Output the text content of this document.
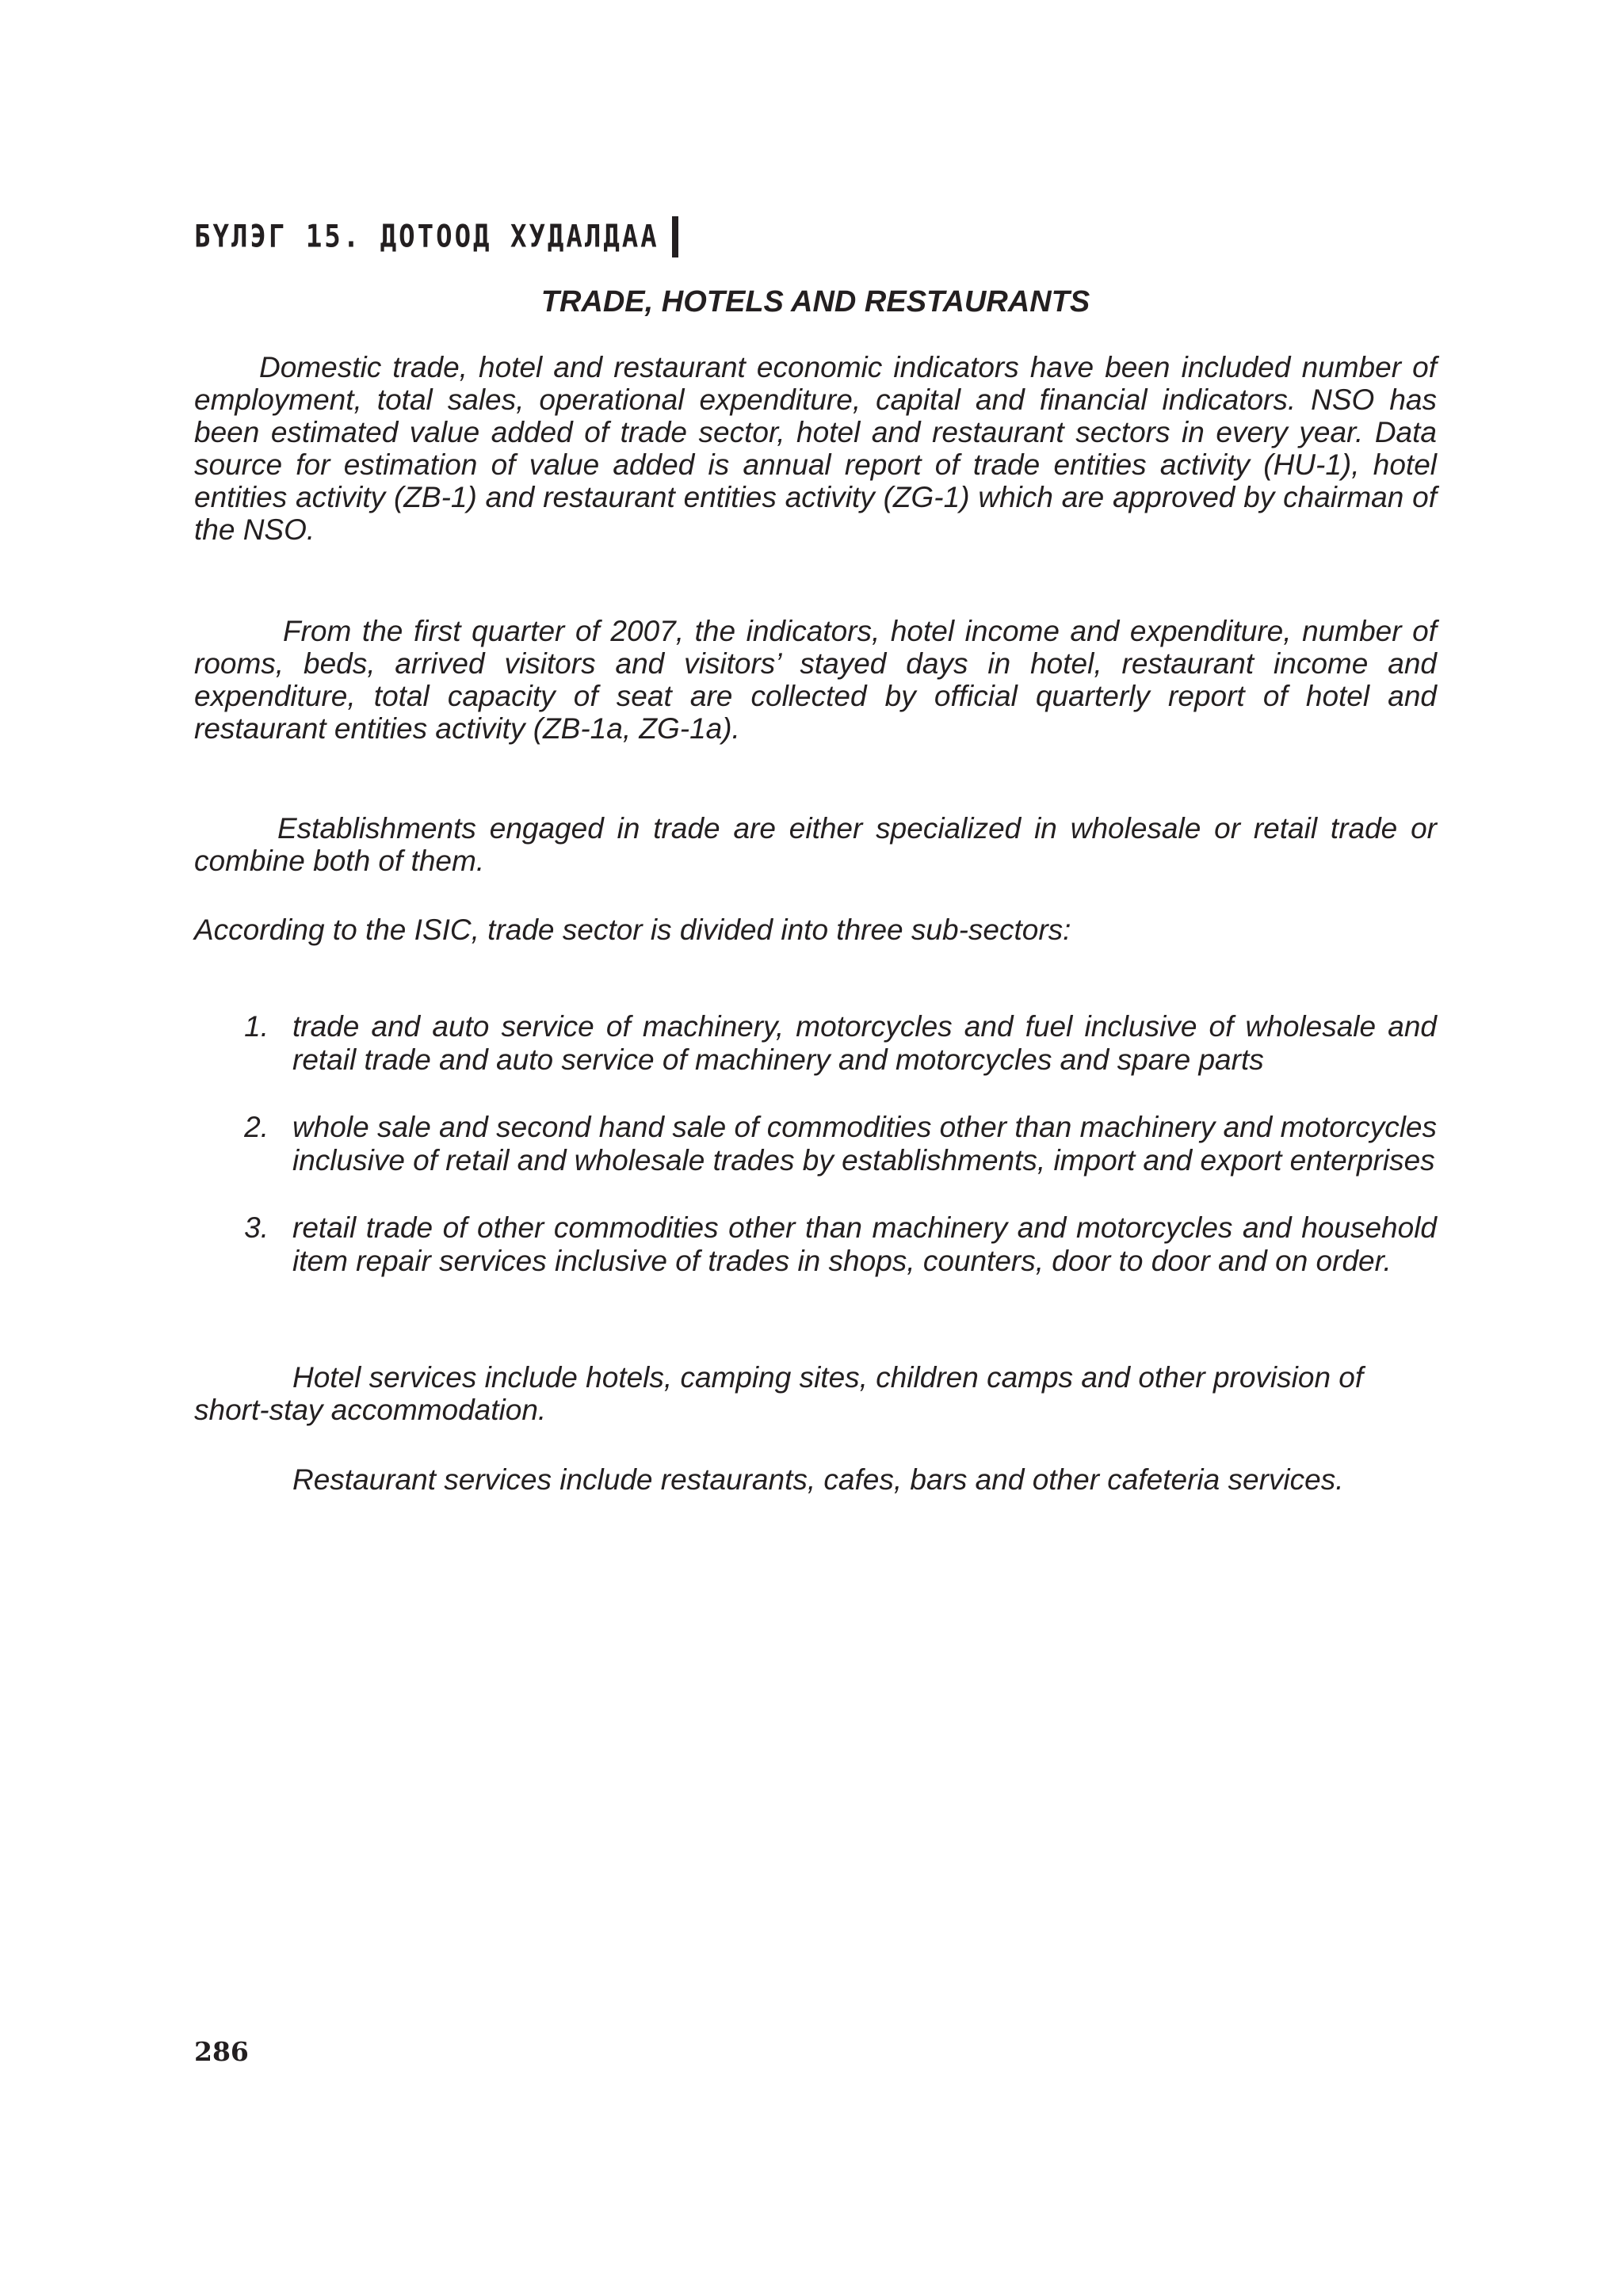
БҮЛЭГ 15. ДОТООД ХУДАЛДАА
TRADE, HOTELS AND RESTAURANTS

Domestic trade, hotel and restaurant economic indicators have been included number of employment, total sales, operational expenditure, capital and financial indicators. NSO has been estimated value added of trade sector, hotel and restaurant sectors in every year. Data source for estimation of value added is annual report of trade entities activity (HU-1), hotel entities activity (ZB-1) and restaurant entities activity (ZG-1) which are approved by chairman of the NSO.

From the first quarter of 2007, the indicators, hotel income and expenditure, number of rooms, beds, arrived visitors and visitors’ stayed days in hotel, restaurant income and expenditure, total capacity of seat are collected by official quarterly report of hotel and restaurant entities activity (ZB-1a, ZG-1a).

Establishments engaged in trade are either specialized in wholesale or retail trade or combine both of them.

According to the ISIC, trade sector is divided into three sub-sectors:

1. trade and auto service of machinery, motorcycles and fuel inclusive of wholesale and retail trade and auto service of machinery and motorcycles and spare parts
2. whole sale and second hand sale of commodities other than machinery and motorcycles inclusive of retail and wholesale trades by establishments, import and export enterprises
3. retail trade of other commodities other than machinery and motorcycles and household item repair services inclusive of trades in shops, counters, door to door and on order.

Hotel services include hotels, camping sites, children camps and other provision of short-stay accommodation.

Restaurant services include restaurants, cafes, bars and other cafeteria services.

286
